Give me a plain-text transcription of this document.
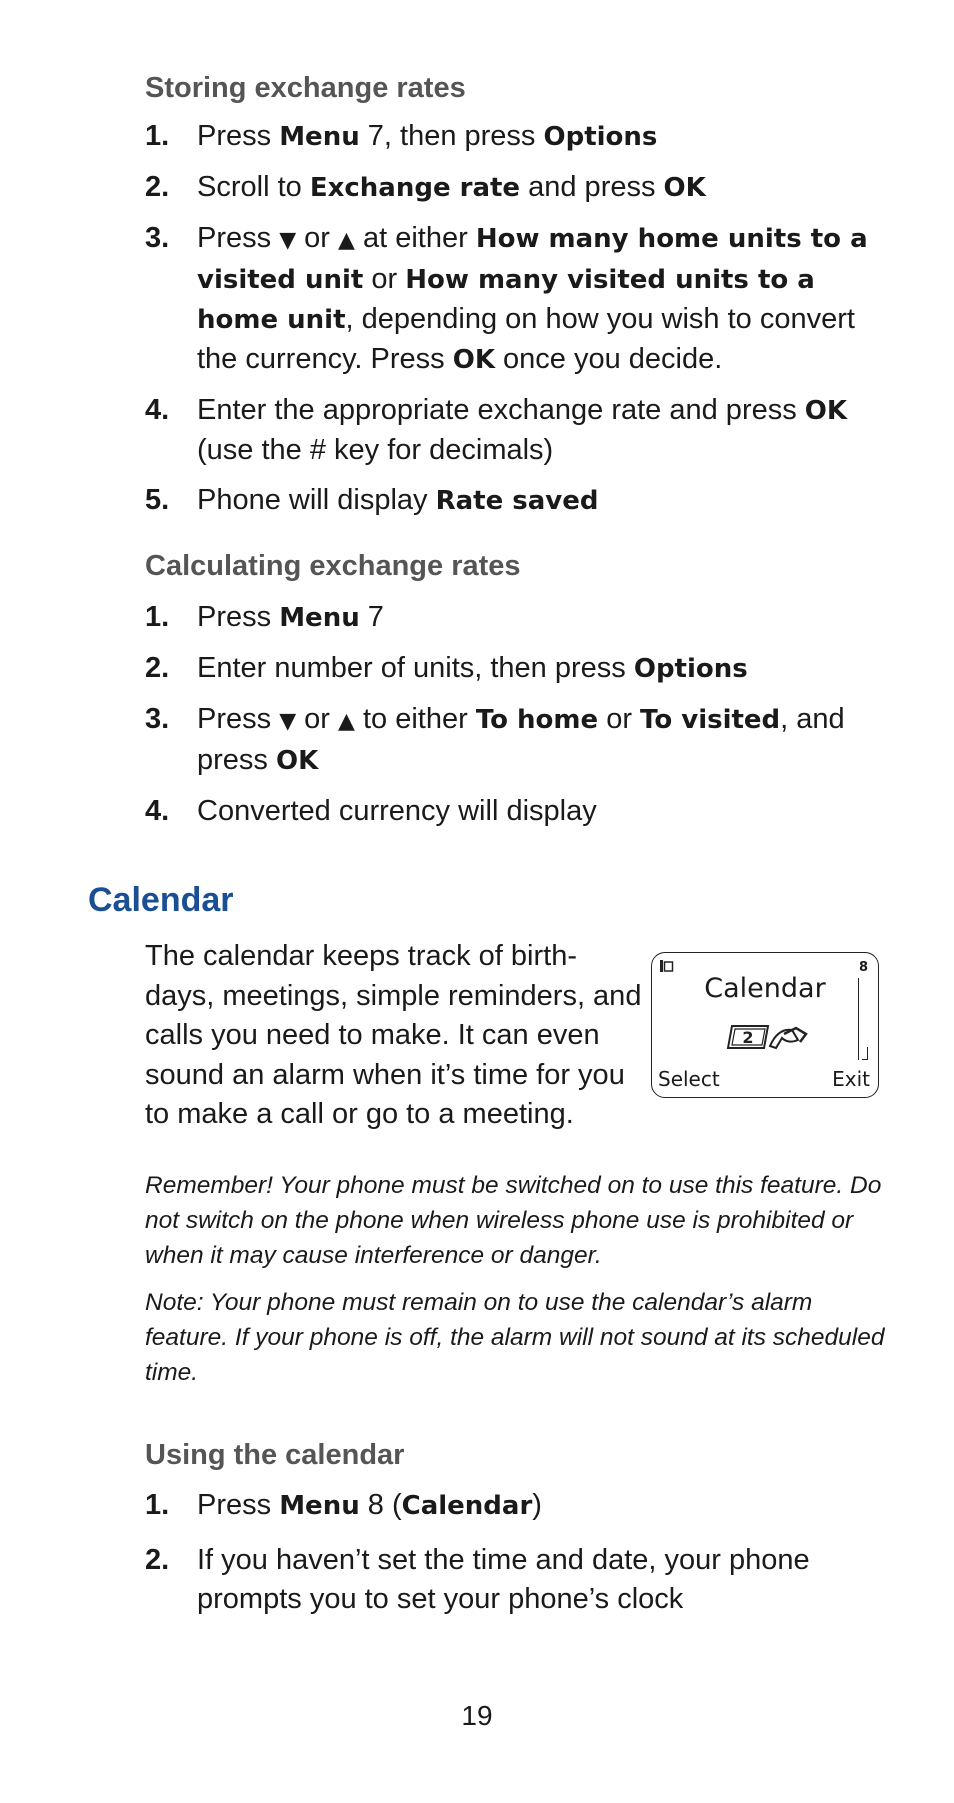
Storing exchange rates
1. Press Menu 7, then press Options
2. Scroll to Exchange rate and press OK
3. Press ▼ or ▲ at either How many home units to a visited unit or How many visited units to a home unit, depending on how you wish to convert the currency. Press OK once you decide.
4. Enter the appropriate exchange rate and press OK (use the # key for decimals)
5. Phone will display Rate saved
Calculating exchange rates
1. Press Menu 7
2. Enter number of units, then press Options
3. Press ▼ or ▲ to either To home or To visited, and press OK
4. Converted currency will display
Calendar

The calendar keeps track of birth-days, meetings, simple reminders, and calls you need to make. It can even sound an alarm when it’s time for you to make a call or go to a meeting.

8
Calendar
2
Select	Exit

Remember! Your phone must be switched on to use this feature. Do not switch on the phone when wireless phone use is prohibited or when it may cause interference or danger.

Note: Your phone must remain on to use the calendar’s alarm feature. If your phone is off, the alarm will not sound at its scheduled time.

Using the calendar
1. Press Menu 8 (Calendar)
2. If you haven’t set the time and date, your phone prompts you to set your phone’s clock

19
